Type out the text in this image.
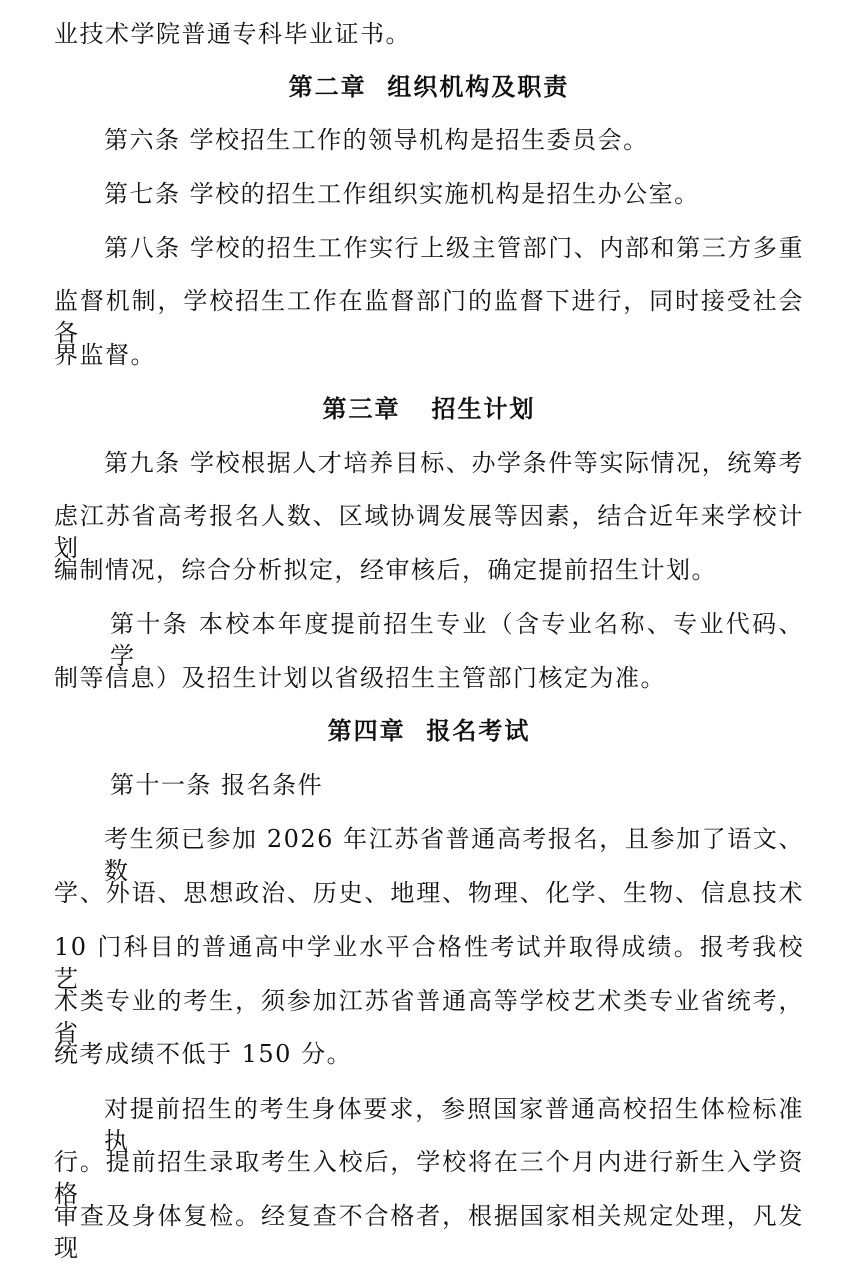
业技术学院普通专科毕业证书。
第二章  组织机构及职责
第六条 学校招生工作的领导机构是招生委员会。
第七条 学校的招生工作组织实施机构是招生办公室。
第八条 学校的招生工作实行上级主管部门、内部和第三方多重
监督机制，学校招生工作在监督部门的监督下进行，同时接受社会各
界监督。
第三章   招生计划
第九条 学校根据人才培养目标、办学条件等实际情况，统筹考
虑江苏省高考报名人数、区域协调发展等因素，结合近年来学校计划
编制情况，综合分析拟定，经审核后，确定提前招生计划。
第十条 本校本年度提前招生专业（含专业名称、专业代码、学
制等信息）及招生计划以省级招生主管部门核定为准。
第四章  报名考试
第十一条 报名条件
考生须已参加 2026 年江苏省普通高考报名，且参加了语文、数
学、外语、思想政治、历史、地理、物理、化学、生物、信息技术
10 门科目的普通高中学业水平合格性考试并取得成绩。报考我校艺
术类专业的考生，须参加江苏省普通高等学校艺术类专业省统考，省
统考成绩不低于 150 分。
对提前招生的考生身体要求，参照国家普通高校招生体检标准执
行。提前招生录取考生入校后，学校将在三个月内进行新生入学资格
审查及身体复检。经复查不合格者，根据国家相关规定处理，凡发现
